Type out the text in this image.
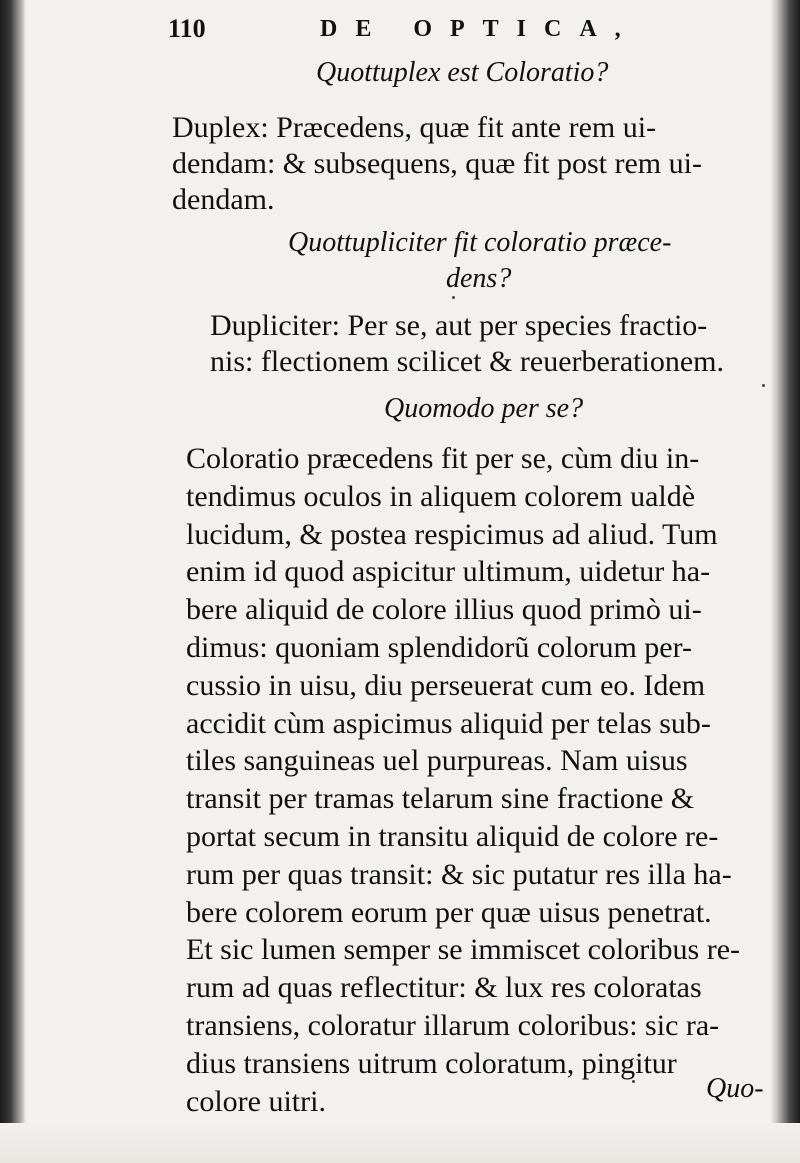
110	DE OPTICA,
Quottuplex est Coloratio?
Duplex: Præcedens, quæ fit ante rem ui-
dendam: & subsequens, quæ fit post rem ui-
dendam.
Quottupliciter fit coloratio præce-
dens?
Dupliciter: Per se, aut per species fractio-
nis: flectionem scilicet & reuerberationem.
Quomodo per se?
Coloratio præcedens fit per se, cùm diu in-
tendimus oculos in aliquem colorem ualdè
lucidum, & postea respicimus ad aliud. Tum
enim id quod aspicitur ultimum, uidetur ha-
bere aliquid de colore illius quod primò ui-
dimus: quoniam splendidorũ colorum per-
cussio in uisu, diu perseuerat cum eo. Idem
accidit cùm aspicimus aliquid per telas sub-
tiles sanguineas uel purpureas. Nam uisus
transit per tramas telarum sine fractione &
portat secum in transitu aliquid de colore re-
rum per quas transit: & sic putatur res illa ha-
bere colorem eorum per quæ uisus penetrat.
Et sic lumen semper se immiscet coloribus re-
rum ad quas reflectitur: & lux res coloratas
transiens, coloratur illarum coloribus: sic ra-
dius transiens uitrum coloratum, pingitur
colore uitri.	Quo-
